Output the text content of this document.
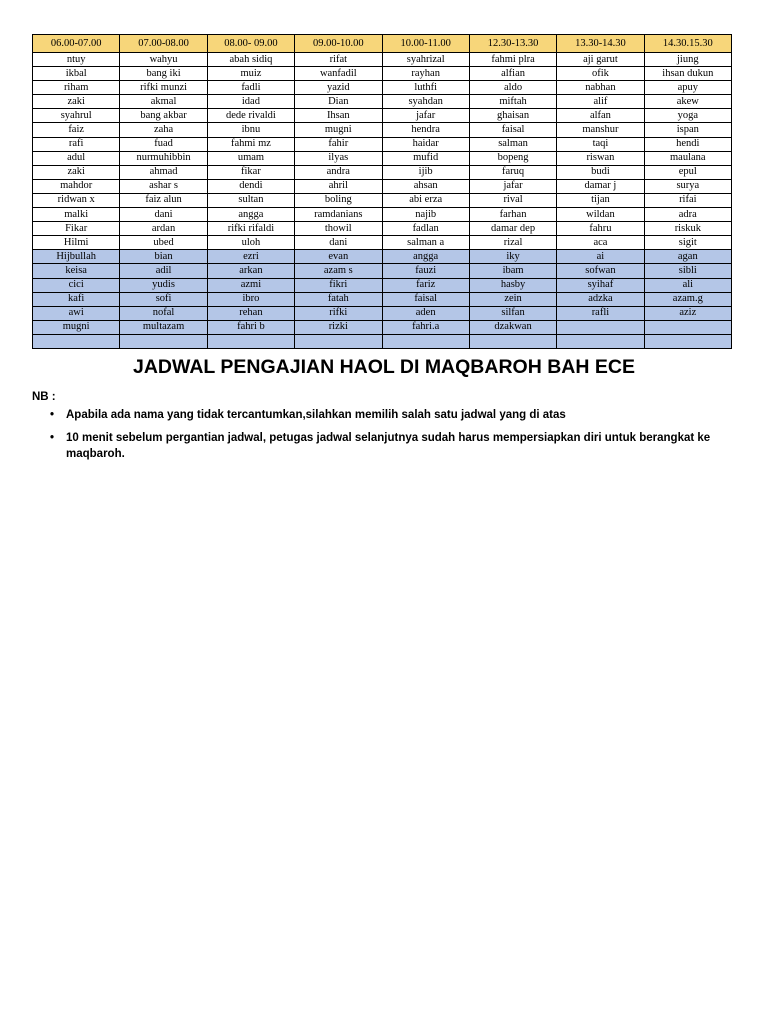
06.00-07.00	07.00-08.00	08.00- 09.00	09.00-10.00	10.00-11.00	12.30-13.30	13.30-14.30	14.30.15.30
ntuy	wahyu	abah sidiq	rifat	syahrizal	fahmi plra	aji garut	jiung
ikbal	bang iki	muiz	wanfadil	rayhan	alfian	ofik	ihsan dukun
riham	rifki munzi	fadli	yazid	luthfi	aldo	nabhan	apuy
zaki	akmal	idad	Dian	syahdan	miftah	alif	akew
syahrul	bang akbar	dede rivaldi	Ihsan	jafar	ghaisan	alfan	yoga
faiz	zaha	ibnu	mugni	hendra	faisal	manshur	ispan
rafi	fuad	fahmi mz	fahir	haidar	salman	taqi	hendi
adul	nurmuhibbin	umam	ilyas	mufid	bopeng	riswan	maulana
zaki	ahmad	fikar	andra	ijib	faruq	budi	epul
mahdor	ashar s	dendi	ahril	ahsan	jafar	damar j	surya
ridwan x	faiz alun	sultan	boling	abi erza	rival	tijan	rifai
malki	dani	angga	ramdanians	najib	farhan	wildan	adra
Fikar	ardan	rifki rifaldi	thowil	fadlan	damar dep	fahru	riskuk
Hilmi	ubed	uloh	dani	salman a	rizal	aca	sigit
Hijbullah	bian	ezri	evan	angga	iky	ai	agan
keisa	adil	arkan	azam s	fauzi	ibam	sofwan	sibli
cici	yudis	azmi	fikri	fariz	hasby	syihaf	ali
kafi	sofi	ibro	fatah	faisal	zein	adzka	azam.g
awi	nofal	rehan	rifki	aden	silfan	rafli	aziz
mugni	multazam	fahri b	rizki	fahri.a	dzakwan		

JADWAL PENGAJIAN HAOL DI MAQBAROH BAH ECE
NB :
• Apabila ada nama yang tidak tercantumkan,silahkan memilih salah satu jadwal yang di atas
• 10 menit sebelum pergantian jadwal, petugas jadwal selanjutnya sudah harus mempersiapkan diri untuk berangkat ke maqbaroh.
